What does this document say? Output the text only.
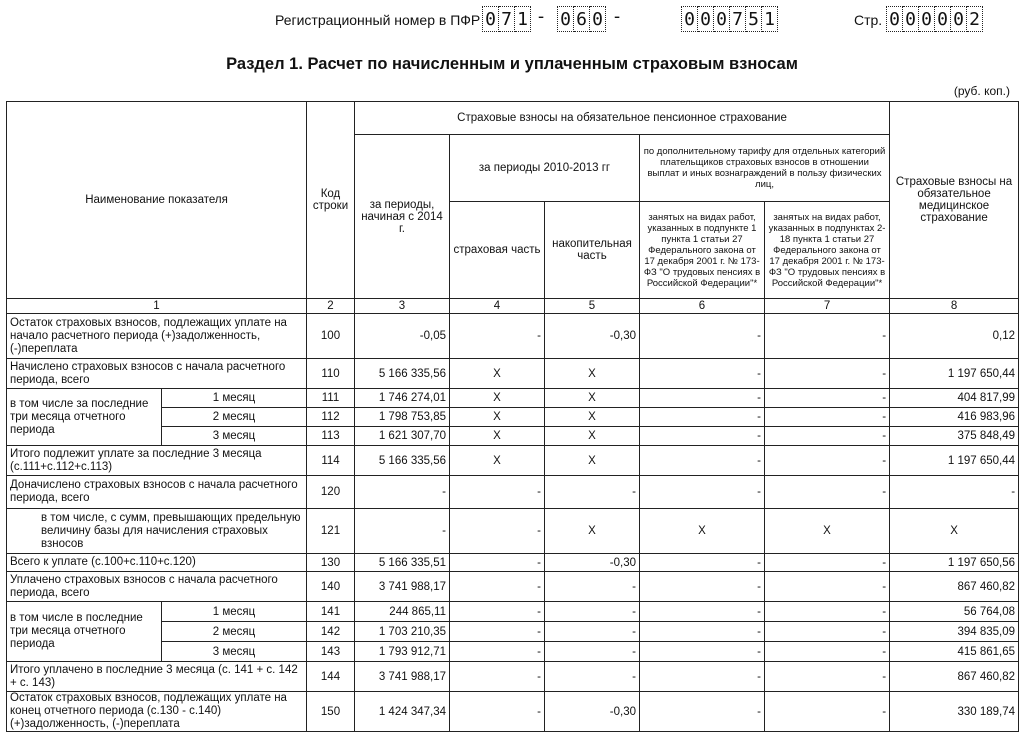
Регистрационный номер в ПФР 0 7 1 - 0 6 0 -	0 0 0 7 5 1	Стр. 0 0 0 0 0 2
Раздел 1. Расчет по начисленным и уплаченным страховым взносам
(руб. коп.)
Наименование показателя		Код строки	Страховые взносы на обязательное пенсионное страхование					Страховые взносы на обязательное медицинское страхование
			за периоды, начиная с 2014 г.	за периоды 2010-2013 гг		по дополнительному тарифу для отдельных категорий плательщиков страховых взносов в отношении выплат и иных вознаграждений в пользу физических лиц,		
				страховая часть	накопительная часть	занятых на видах работ, указанных в подпункте 1 пункта 1 статьи 27 Федерального закона от 17 декабря 2001 г. № 173-ФЗ "О трудовых пенсиях в Российской Федерации"*	занятых на видах работ, указанных в подпунктах 2-18 пункта 1 статьи 27 Федерального закона от 17 декабря 2001 г. № 173-ФЗ "О трудовых пенсиях в Российской Федерации"*	
1		2	3	4	5	6	7	8
Остаток страховых взносов, подлежащих уплате на начало расчетного периода (+)задолженность, (-)переплата		100	-0,05	-	-0,30	-	-	0,12
Начислено страховых взносов с начала расчетного периода, всего		110	5 166 335,56	X	X	-	-	1 197 650,44
в том числе за последние три месяца отчетного периода	1 месяц	111	1 746 274,01	X	X	-	-	404 817,99
	2 месяц	112	1 798 753,85	X	X	-	-	416 983,96
	3 месяц	113	1 621 307,70	X	X	-	-	375 848,49
Итого подлежит уплате за последние 3 месяца (с.111+с.112+с.113)		114	5 166 335,56	X	X	-	-	1 197 650,44
Доначислено страховых взносов с начала расчетного периода, всего		120	-	-	-	-	-	-
в том числе, с сумм, превышающих предельную величину базы для начисления страховых взносов		121	-	-	X	X	X	X
Всего к уплате (с.100+с.110+с.120)		130	5 166 335,51	-	-0,30	-	-	1 197 650,56
Уплачено страховых взносов с начала расчетного периода, всего		140	3 741 988,17	-	-	-	-	867 460,82
в том числе в последние три месяца отчетного периода	1 месяц	141	244 865,11	-	-	-	-	56 764,08
	2 месяц	142	1 703 210,35	-	-	-	-	394 835,09
	3 месяц	143	1 793 912,71	-	-	-	-	415 861,65
Итого уплачено в последние 3 месяца (с. 141 + с. 142 + с. 143)		144	3 741 988,17	-	-	-	-	867 460,82
Остаток страховых взносов, подлежащих уплате на конец отчетного периода (с.130 - с.140) (+)задолженность, (-)переплата		150	1 424 347,34	-	-0,30	-	-	330 189,74
